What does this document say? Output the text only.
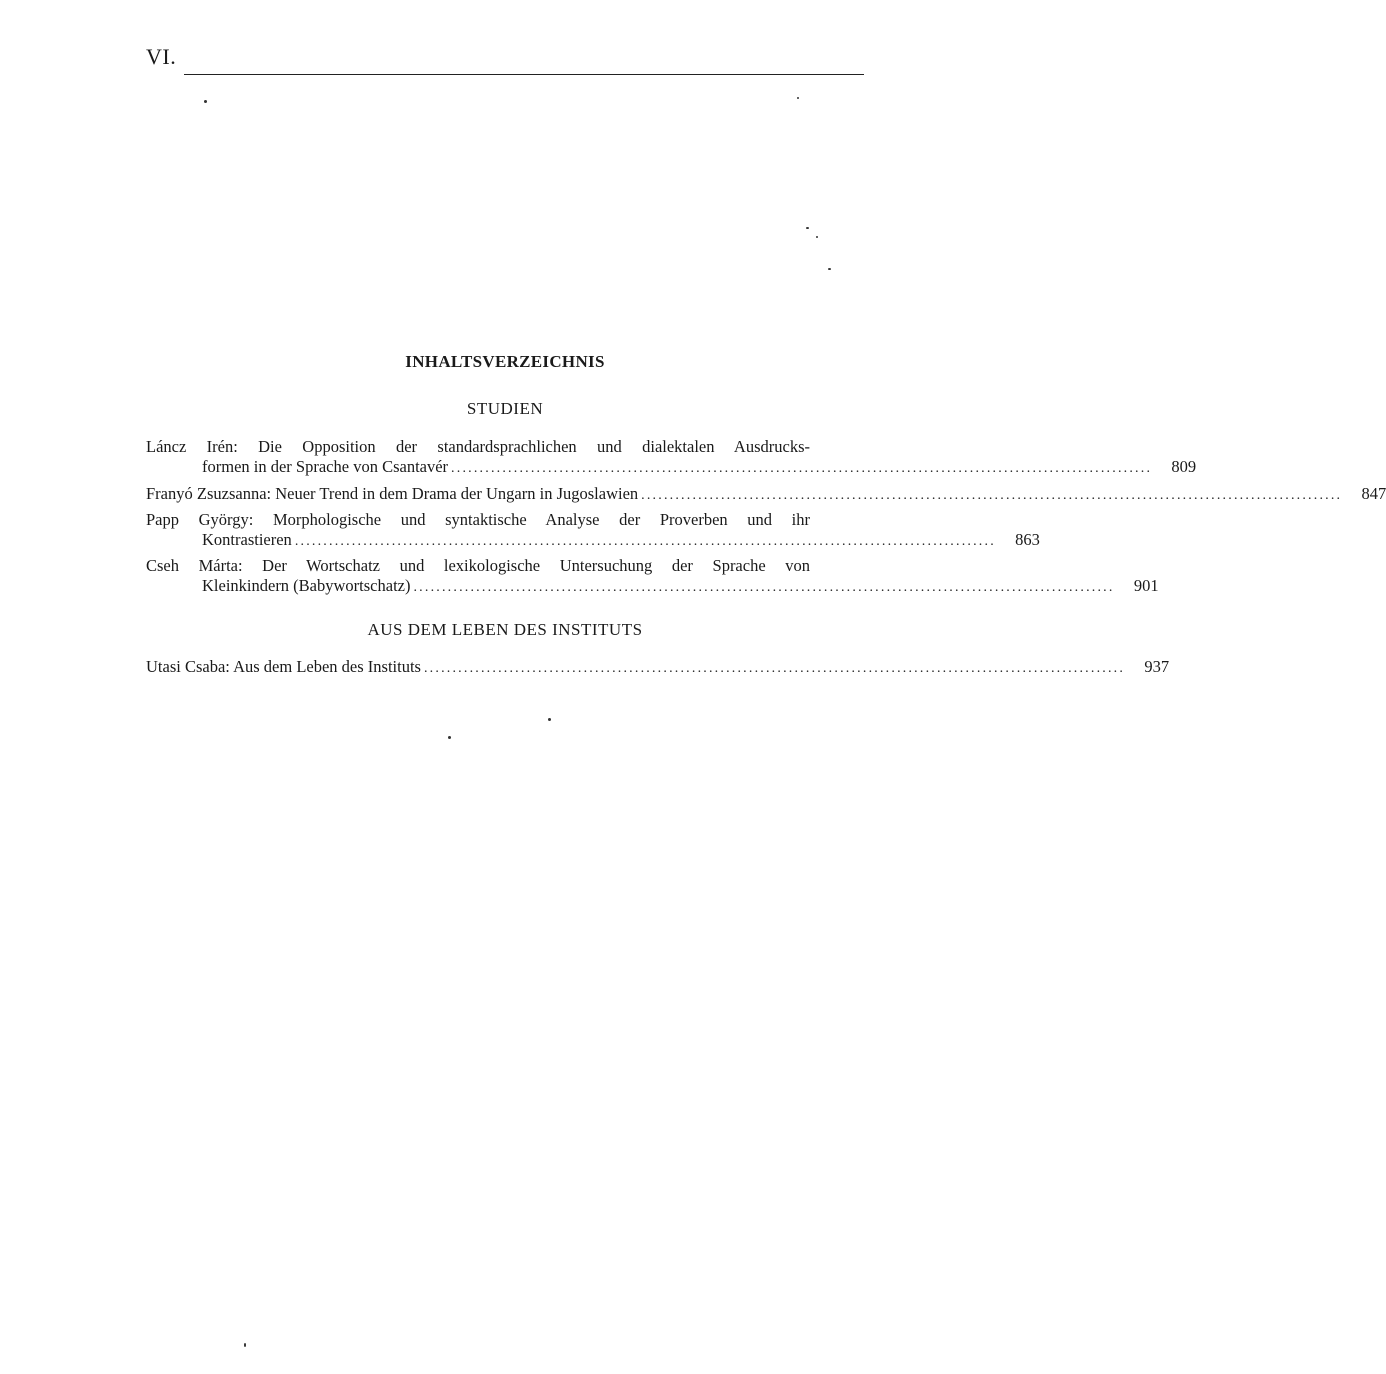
VI.
INHALTSVERZEICHNIS
STUDIEN
Láncz Irén: Die Opposition der standardsprachlichen und dialektalen Ausdrucks-
formen in der Sprache von Csantavér ...........................................................................................................................	809
Franyó Zsuzsanna: Neuer Trend in dem Drama der Ungarn in Jugoslawien ...........................................................................................................................	847
Papp György: Morphologische und syntaktische Analyse der Proverben und ihr
Kontrastieren ...........................................................................................................................	863
Cseh Márta: Der Wortschatz und lexikologische Untersuchung der Sprache von
Kleinkindern (Babywortschatz) ...........................................................................................................................	901
AUS DEM LEBEN DES INSTITUTS
Utasi Csaba: Aus dem Leben des Instituts ...........................................................................................................................	937
